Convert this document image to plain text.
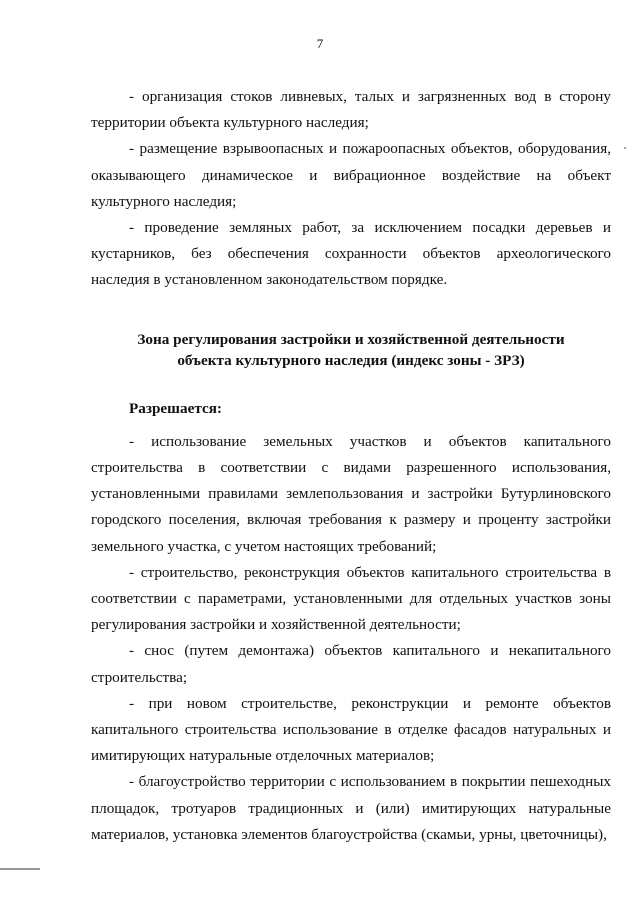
7

- организация стоков ливневых, талых и загрязненных вод в сторону территории объекта культурного наследия;

- размещение взрывоопасных и пожароопасных объектов, оборудования, оказывающего динамическое и вибрационное воздействие на объект культурного наследия;

- проведение земляных работ, за исключением посадки деревьев и кустарников, без обеспечения сохранности объектов археологического наследия в установленном законодательством порядке.

Зона регулирования застройки и хозяйственной деятельности
объекта культурного наследия (индекс зоны - ЗРЗ)
Разрешается:

- использование земельных участков и объектов капитального строительства в соответствии с видами разрешенного использования, установленными правилами землепользования и застройки Бутурлиновского городского поселения, включая требования к размеру и проценту застройки земельного участка, с учетом настоящих требований;

- строительство, реконструкция объектов капитального строительства в соответствии с параметрами, установленными для отдельных участков зоны регулирования застройки и хозяйственной деятельности;

- снос (путем демонтажа) объектов капитального и некапитального строительства;

- при новом строительстве, реконструкции и ремонте объектов капитального строительства использование в отделке фасадов натуральных и имитирующих натуральные отделочных материалов;

- благоустройство территории с использованием в покрытии пешеходных площадок, тротуаров традиционных и (или) имитирующих натуральные материалов, установка элементов благоустройства (скамьи, урны, цветочницы),
